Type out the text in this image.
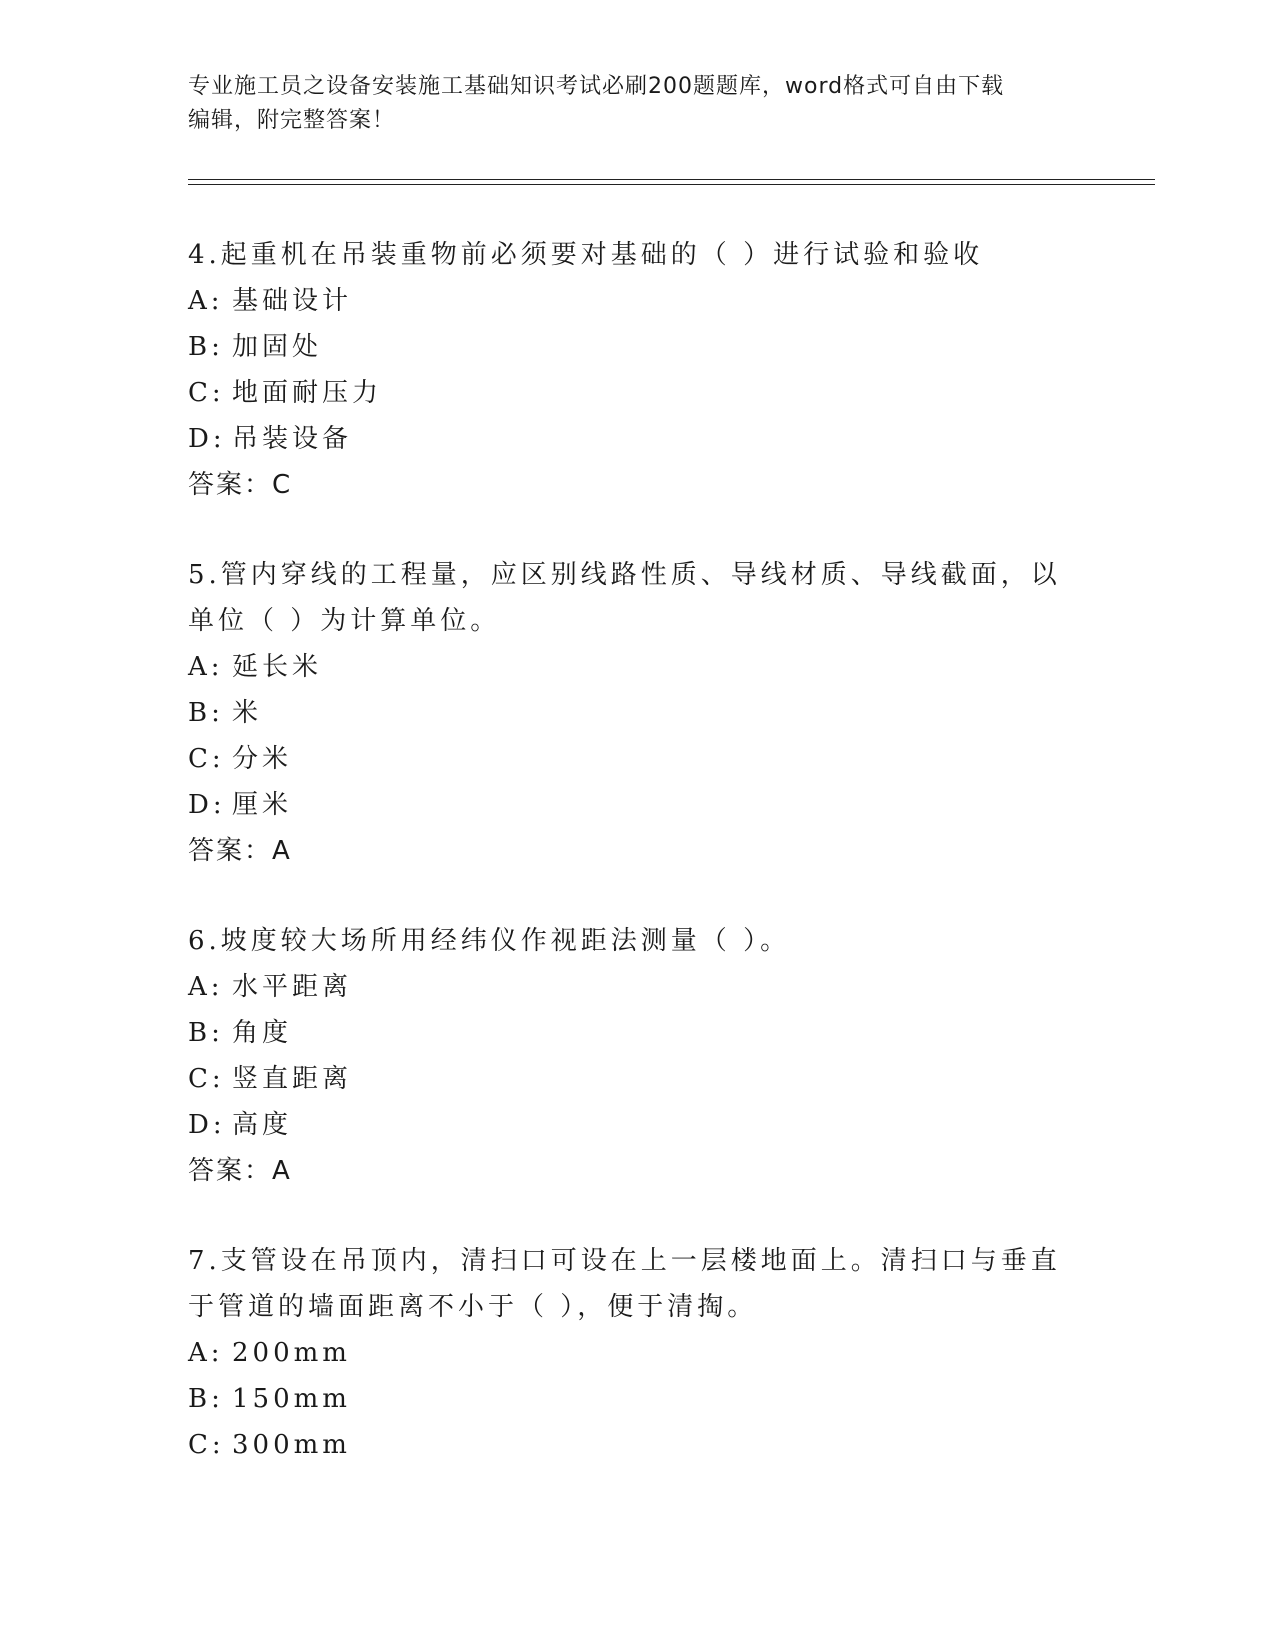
专业施工员之设备安装施工基础知识考试必刷200题题库，word格式可自由下载
编辑，附完整答案！
4.起重机在吊装重物前必须要对基础的（ ）进行试验和验收
A: 基础设计
B: 加固处
C: 地面耐压力
D: 吊装设备
答案：C
5.管内穿线的工程量，应区别线路性质、导线材质、导线截面，以单位（ ）为计算单位。
A: 延长米
B: 米
C: 分米
D: 厘米
答案：A
6.坡度较大场所用经纬仪作视距法测量（ ）。
A: 水平距离
B: 角度
C: 竖直距离
D: 高度
答案：A
7.支管设在吊顶内，清扫口可设在上一层楼地面上。清扫口与垂直于管道的墙面距离不小于（ ），便于清掏。
A: 200mm
B: 150mm
C: 300mm
